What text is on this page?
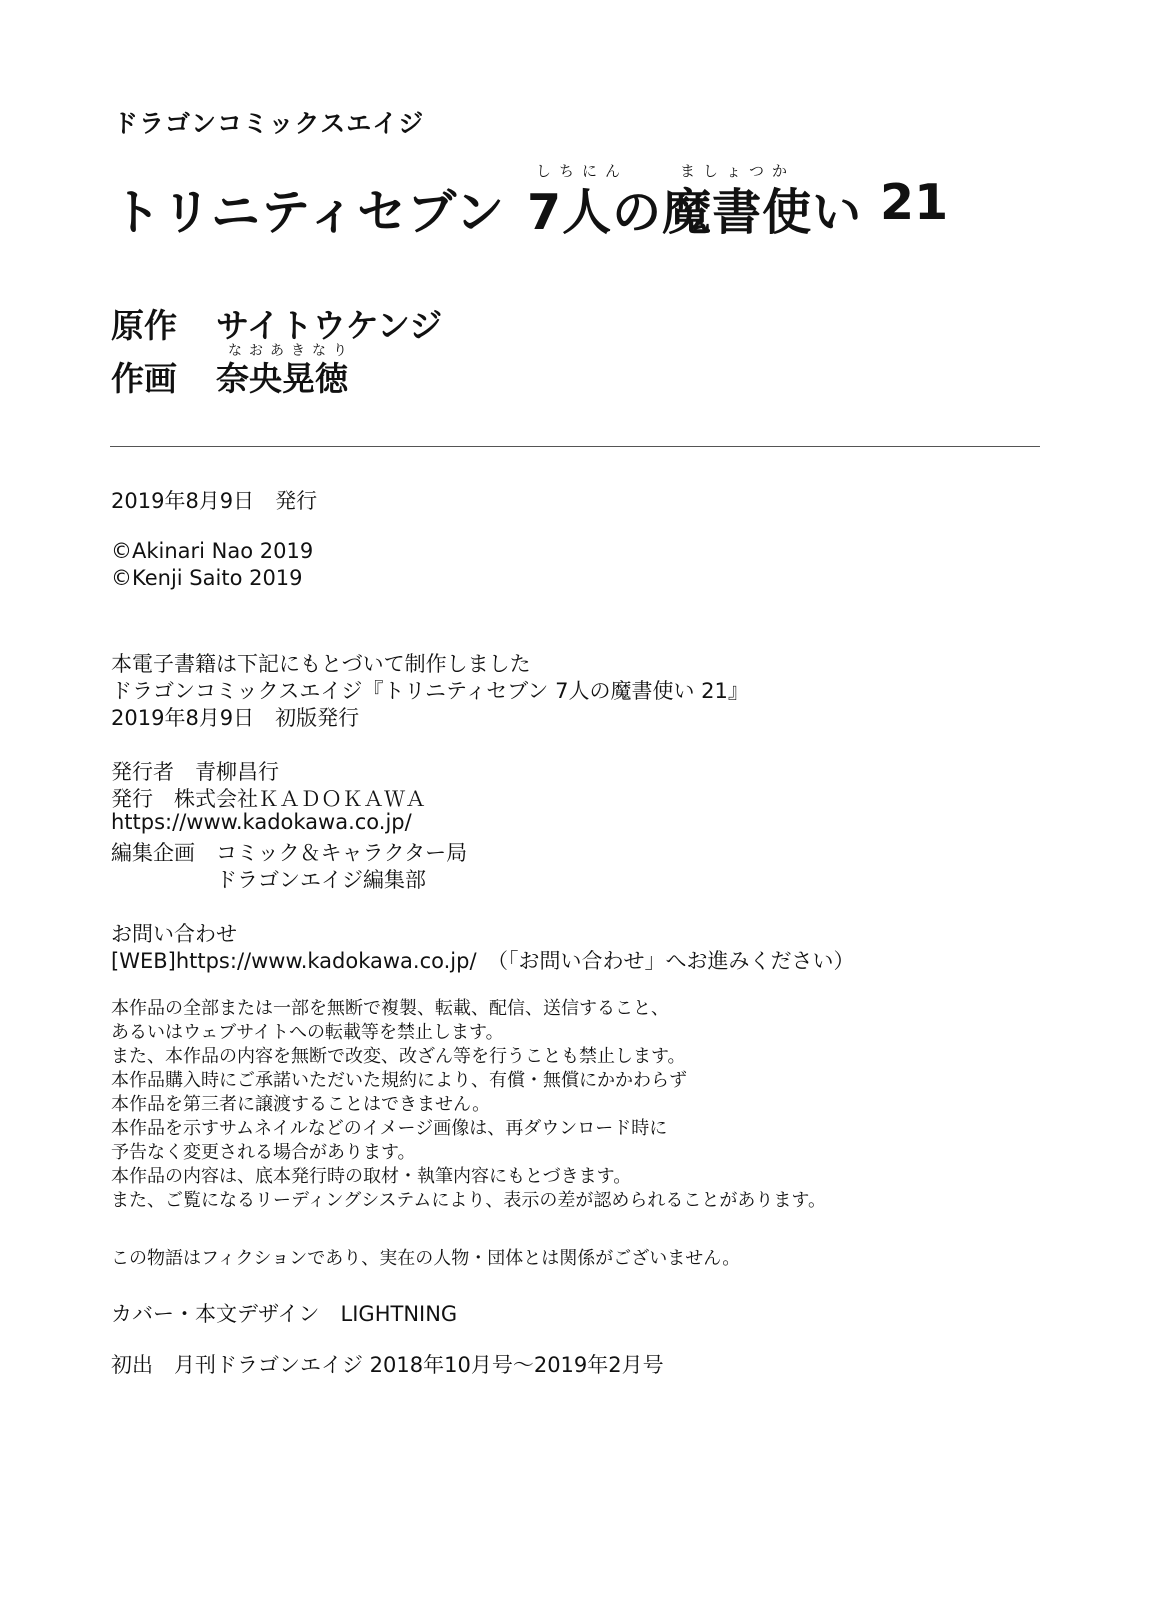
ドラゴンコミックスエイジ
しちにん	ましょつか
トリニティセブン 7人の魔書使い 21
原作 サイトウケンジ
なおあきなり
作画 奈央晃徳
2019年8月9日　発行
©Akinari Nao 2019
©Kenji Saito 2019
本電子書籍は下記にもとづいて制作しました
ドラゴンコミックスエイジ『トリニティセブン 7人の魔書使い 21』
2019年8月9日　初版発行
発行者　青柳昌行
発行　株式会社ＫＡＤＯＫＡＷＡ
https://www.kadokawa.co.jp/
編集企画　コミック＆キャラクター局
ドラゴンエイジ編集部
お問い合わせ
[WEB]https://www.kadokawa.co.jp/　（「お問い合わせ」へお進みください）
本作品の全部または一部を無断で複製、転載、配信、送信すること、
あるいはウェブサイトへの転載等を禁止します。
また、本作品の内容を無断で改変、改ざん等を行うことも禁止します。
本作品購入時にご承諾いただいた規約により、有償・無償にかかわらず
本作品を第三者に譲渡することはできません。
本作品を示すサムネイルなどのイメージ画像は、再ダウンロード時に
予告なく変更される場合があります。
本作品の内容は、底本発行時の取材・執筆内容にもとづきます。
また、ご覧になるリーディングシステムにより、表示の差が認められることがあります。
この物語はフィクションであり、実在の人物・団体とは関係がございません。
カバー・本文デザイン　LIGHTNING
初出　月刊ドラゴンエイジ 2018年10月号～2019年2月号
